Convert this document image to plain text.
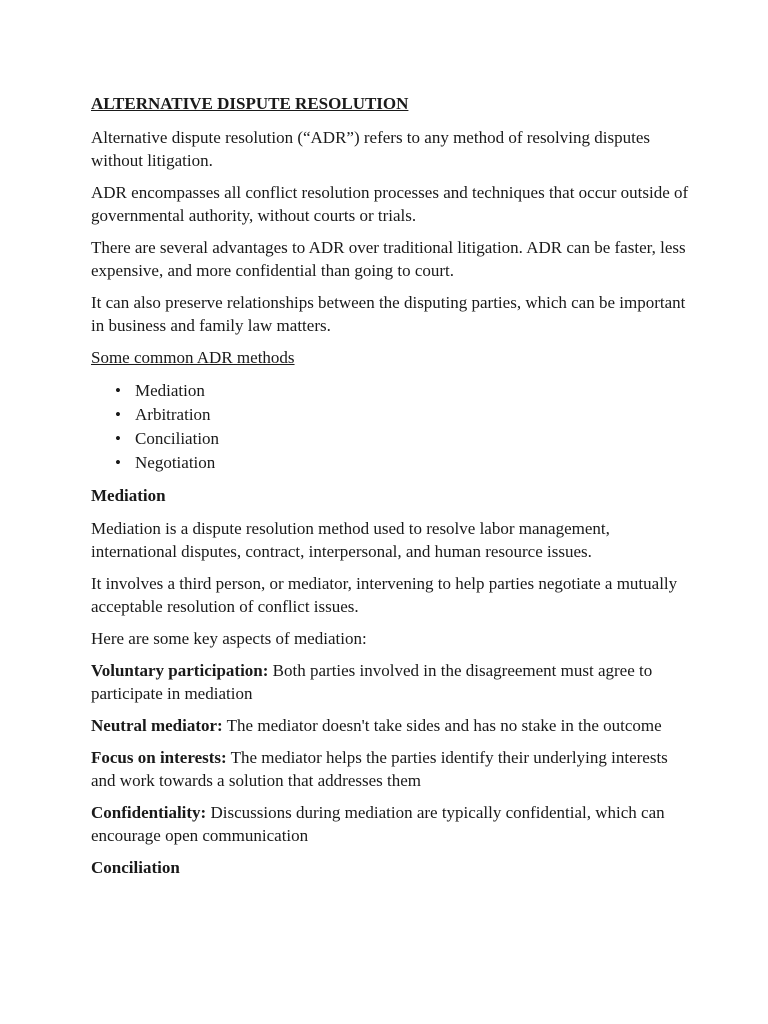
ALTERNATIVE DISPUTE RESOLUTION

Alternative dispute resolution (“ADR”) refers to any method of resolving disputes without litigation.

ADR encompasses all conflict resolution processes and techniques that occur outside of governmental authority, without courts or trials.

There are several advantages to ADR over traditional litigation. ADR can be faster, less expensive, and more confidential than going to court.

It can also preserve relationships between the disputing parties, which can be important in business and family law matters.

Some common ADR methods
• Mediation
• Arbitration
• Conciliation
• Negotiation
Mediation

Mediation is a dispute resolution method used to resolve labor management, international disputes, contract, interpersonal, and human resource issues.

It involves a third person, or mediator, intervening to help parties negotiate a mutually acceptable resolution of conflict issues.

Here are some key aspects of mediation:

Voluntary participation: Both parties involved in the disagreement must agree to participate in mediation

Neutral mediator: The mediator doesn't take sides and has no stake in the outcome

Focus on interests: The mediator helps the parties identify their underlying interests and work towards a solution that addresses them

Confidentiality: Discussions during mediation are typically confidential, which can encourage open communication

Conciliation
